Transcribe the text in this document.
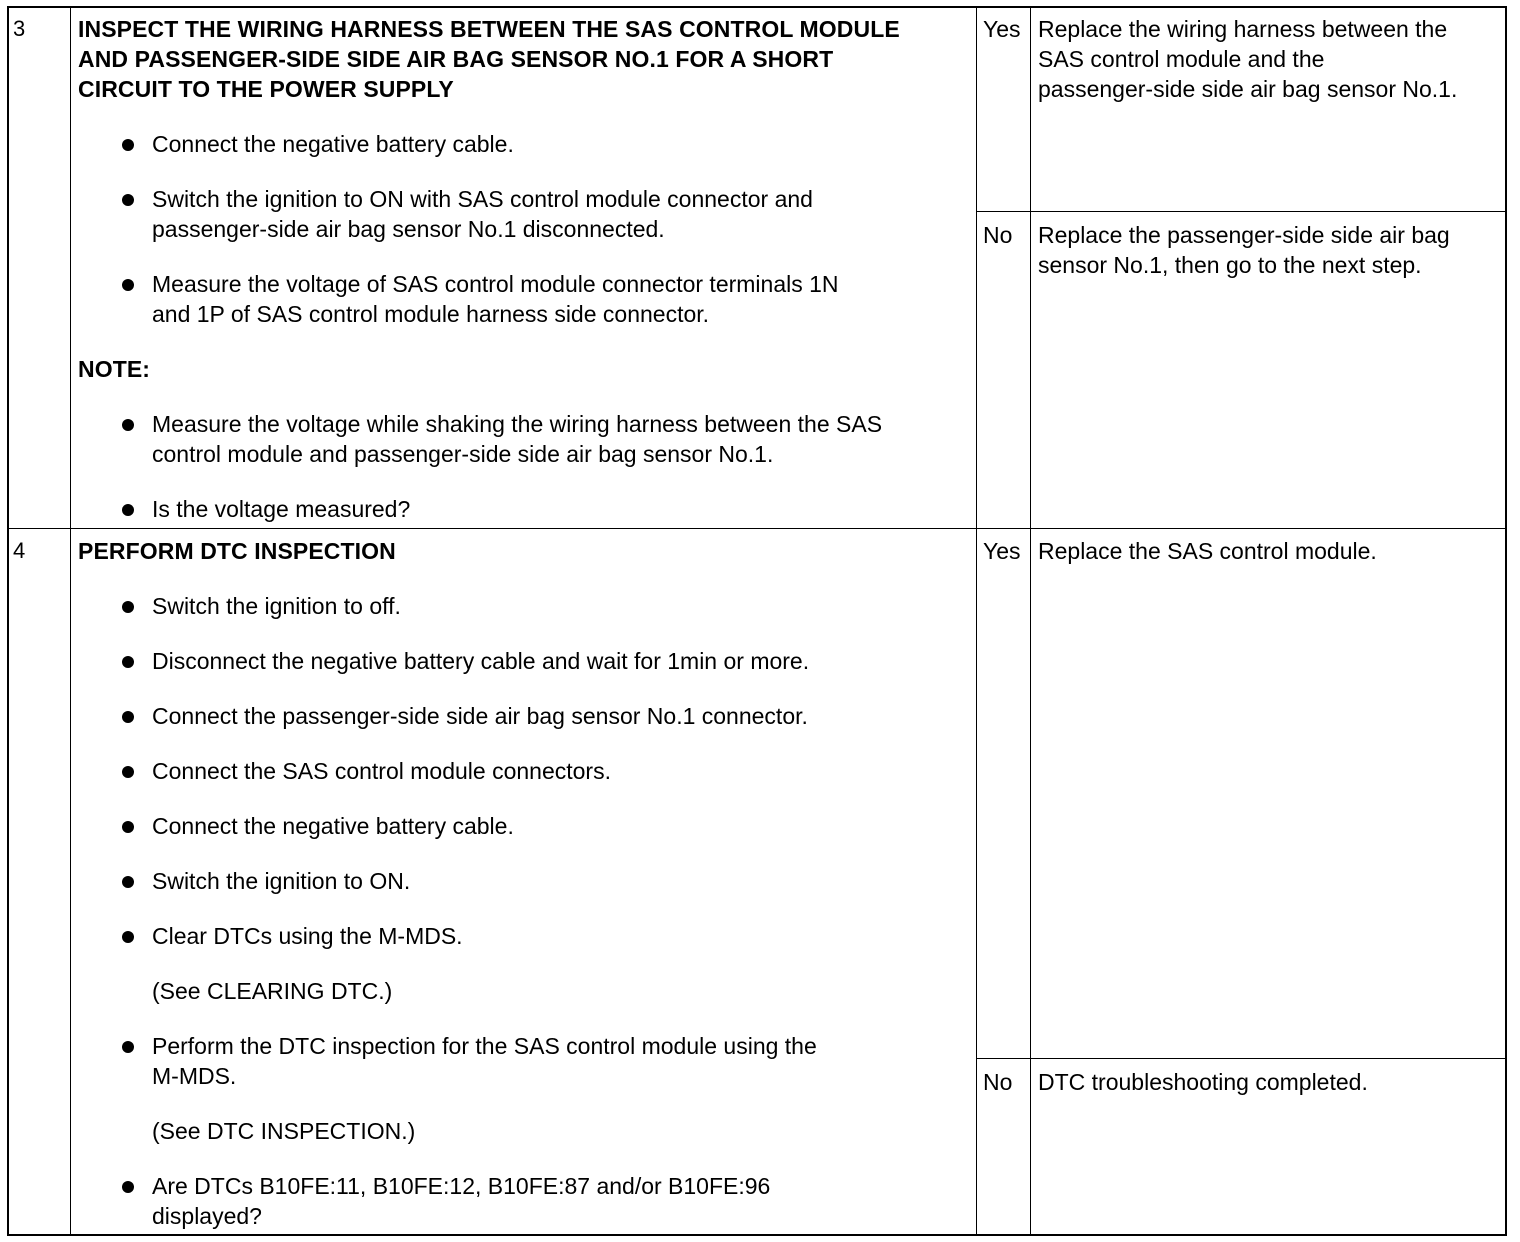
3 INSPECT THE WIRING HARNESS BETWEEN THE SAS CONTROL MODULE
AND PASSENGER-SIDE SIDE AIR BAG SENSOR NO.1 FOR A SHORT
CIRCUIT TO THE POWER SUPPLY
Connect the negative battery cable.
Switch the ignition to ON with SAS control module connector and
passenger-side air bag sensor No.1 disconnected.
Measure the voltage of SAS control module connector terminals 1N
and 1P of SAS control module harness side connector.
NOTE:
Measure the voltage while shaking the wiring harness between the SAS
control module and passenger-side side air bag sensor No.1.
Is the voltage measured?
Yes Replace the wiring harness between the
SAS control module and the
passenger-side side air bag sensor No.1.
No Replace the passenger-side side air bag
sensor No.1, then go to the next step.
4 PERFORM DTC INSPECTION
Switch the ignition to off.
Disconnect the negative battery cable and wait for 1min or more.
Connect the passenger-side side air bag sensor No.1 connector.
Connect the SAS control module connectors.
Connect the negative battery cable.
Switch the ignition to ON.
Clear DTCs using the M-MDS.
(See CLEARING DTC.)
Perform the DTC inspection for the SAS control module using the
M-MDS.
(See DTC INSPECTION.)
Are DTCs B10FE:11, B10FE:12, B10FE:87 and/or B10FE:96
displayed?
Yes Replace the SAS control module.
No DTC troubleshooting completed.
